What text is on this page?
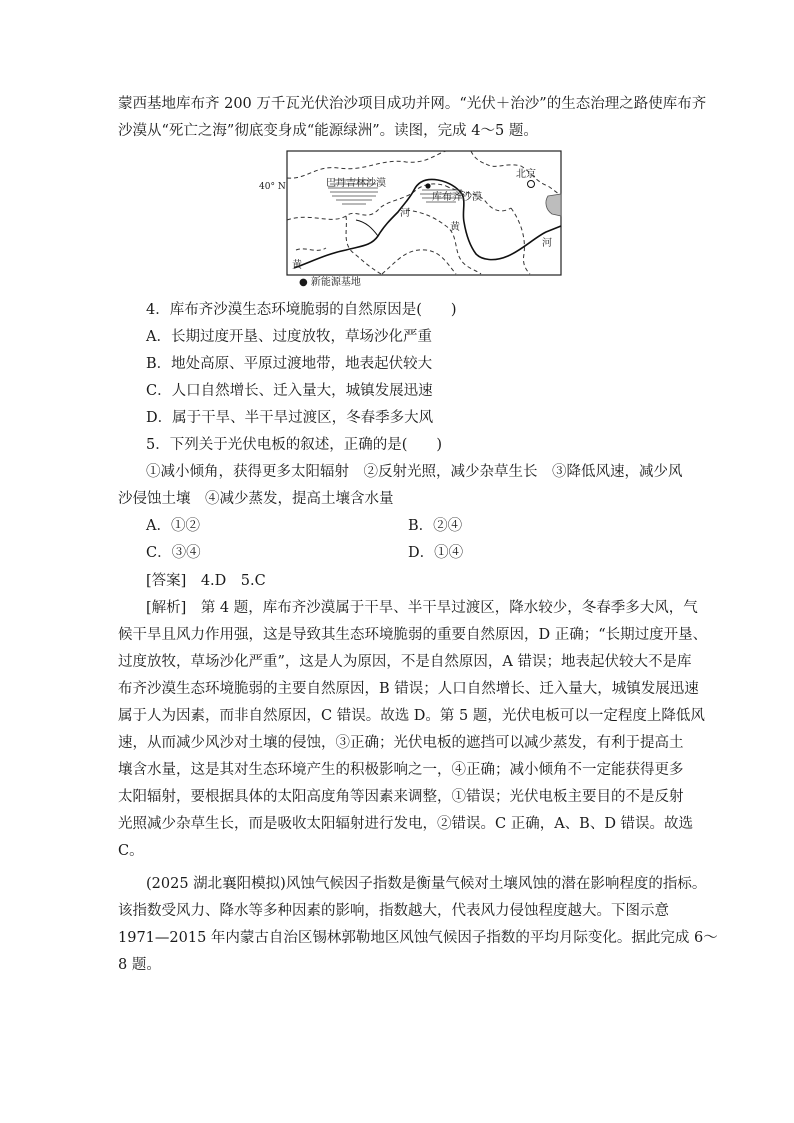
蒙西基地库布齐 200 万千瓦光伏治沙项目成功并网。“光伏＋治沙”的生态治理之路使库布齐
沙漠从“死亡之海”彻底变身成“能源绿洲”。读图，完成 4～5 题。
40° N	巴丹吉林沙漠
库布齐沙漠
北京
河
黄
河
黄
● 新能源基地
4．库布齐沙漠生态环境脆弱的自然原因是(　　)
A．长期过度开垦、过度放牧，草场沙化严重
B．地处高原、平原过渡地带，地表起伏较大
C．人口自然增长、迁入量大，城镇发展迅速
D．属于干旱、半干旱过渡区，冬春季多大风
5．下列关于光伏电板的叙述，正确的是(　　)
①减小倾角，获得更多太阳辐射　②反射光照，减少杂草生长　③降低风速，减少风
沙侵蚀土壤　④减少蒸发，提高土壤含水量
A．①②	B．②④
C．③④	D．①④
[答案]　4.D　5.C
[解析]　第 4 题，库布齐沙漠属于干旱、半干旱过渡区，降水较少，冬春季多大风，气
候干旱且风力作用强，这是导致其生态环境脆弱的重要自然原因，D 正确；“长期过度开垦、
过度放牧，草场沙化严重”，这是人为原因，不是自然原因，A 错误；地表起伏较大不是库
布齐沙漠生态环境脆弱的主要自然原因，B 错误；人口自然增长、迁入量大，城镇发展迅速
属于人为因素，而非自然原因，C 错误。故选 D。第 5 题，光伏电板可以一定程度上降低风
速，从而减少风沙对土壤的侵蚀，③正确；光伏电板的遮挡可以减少蒸发，有利于提高土
壤含水量，这是其对生态环境产生的积极影响之一，④正确；减小倾角不一定能获得更多
太阳辐射，要根据具体的太阳高度角等因素来调整，①错误；光伏电板主要目的不是反射
光照减少杂草生长，而是吸收太阳辐射进行发电，②错误。C 正确，A、B、D 错误。故选
C。
(2025 湖北襄阳模拟)风蚀气候因子指数是衡量气候对土壤风蚀的潜在影响程度的指标。
该指数受风力、降水等多种因素的影响，指数越大，代表风力侵蚀程度越大。下图示意
1971—2015 年内蒙古自治区锡林郭勒地区风蚀气候因子指数的平均月际变化。据此完成 6～
8 题。
